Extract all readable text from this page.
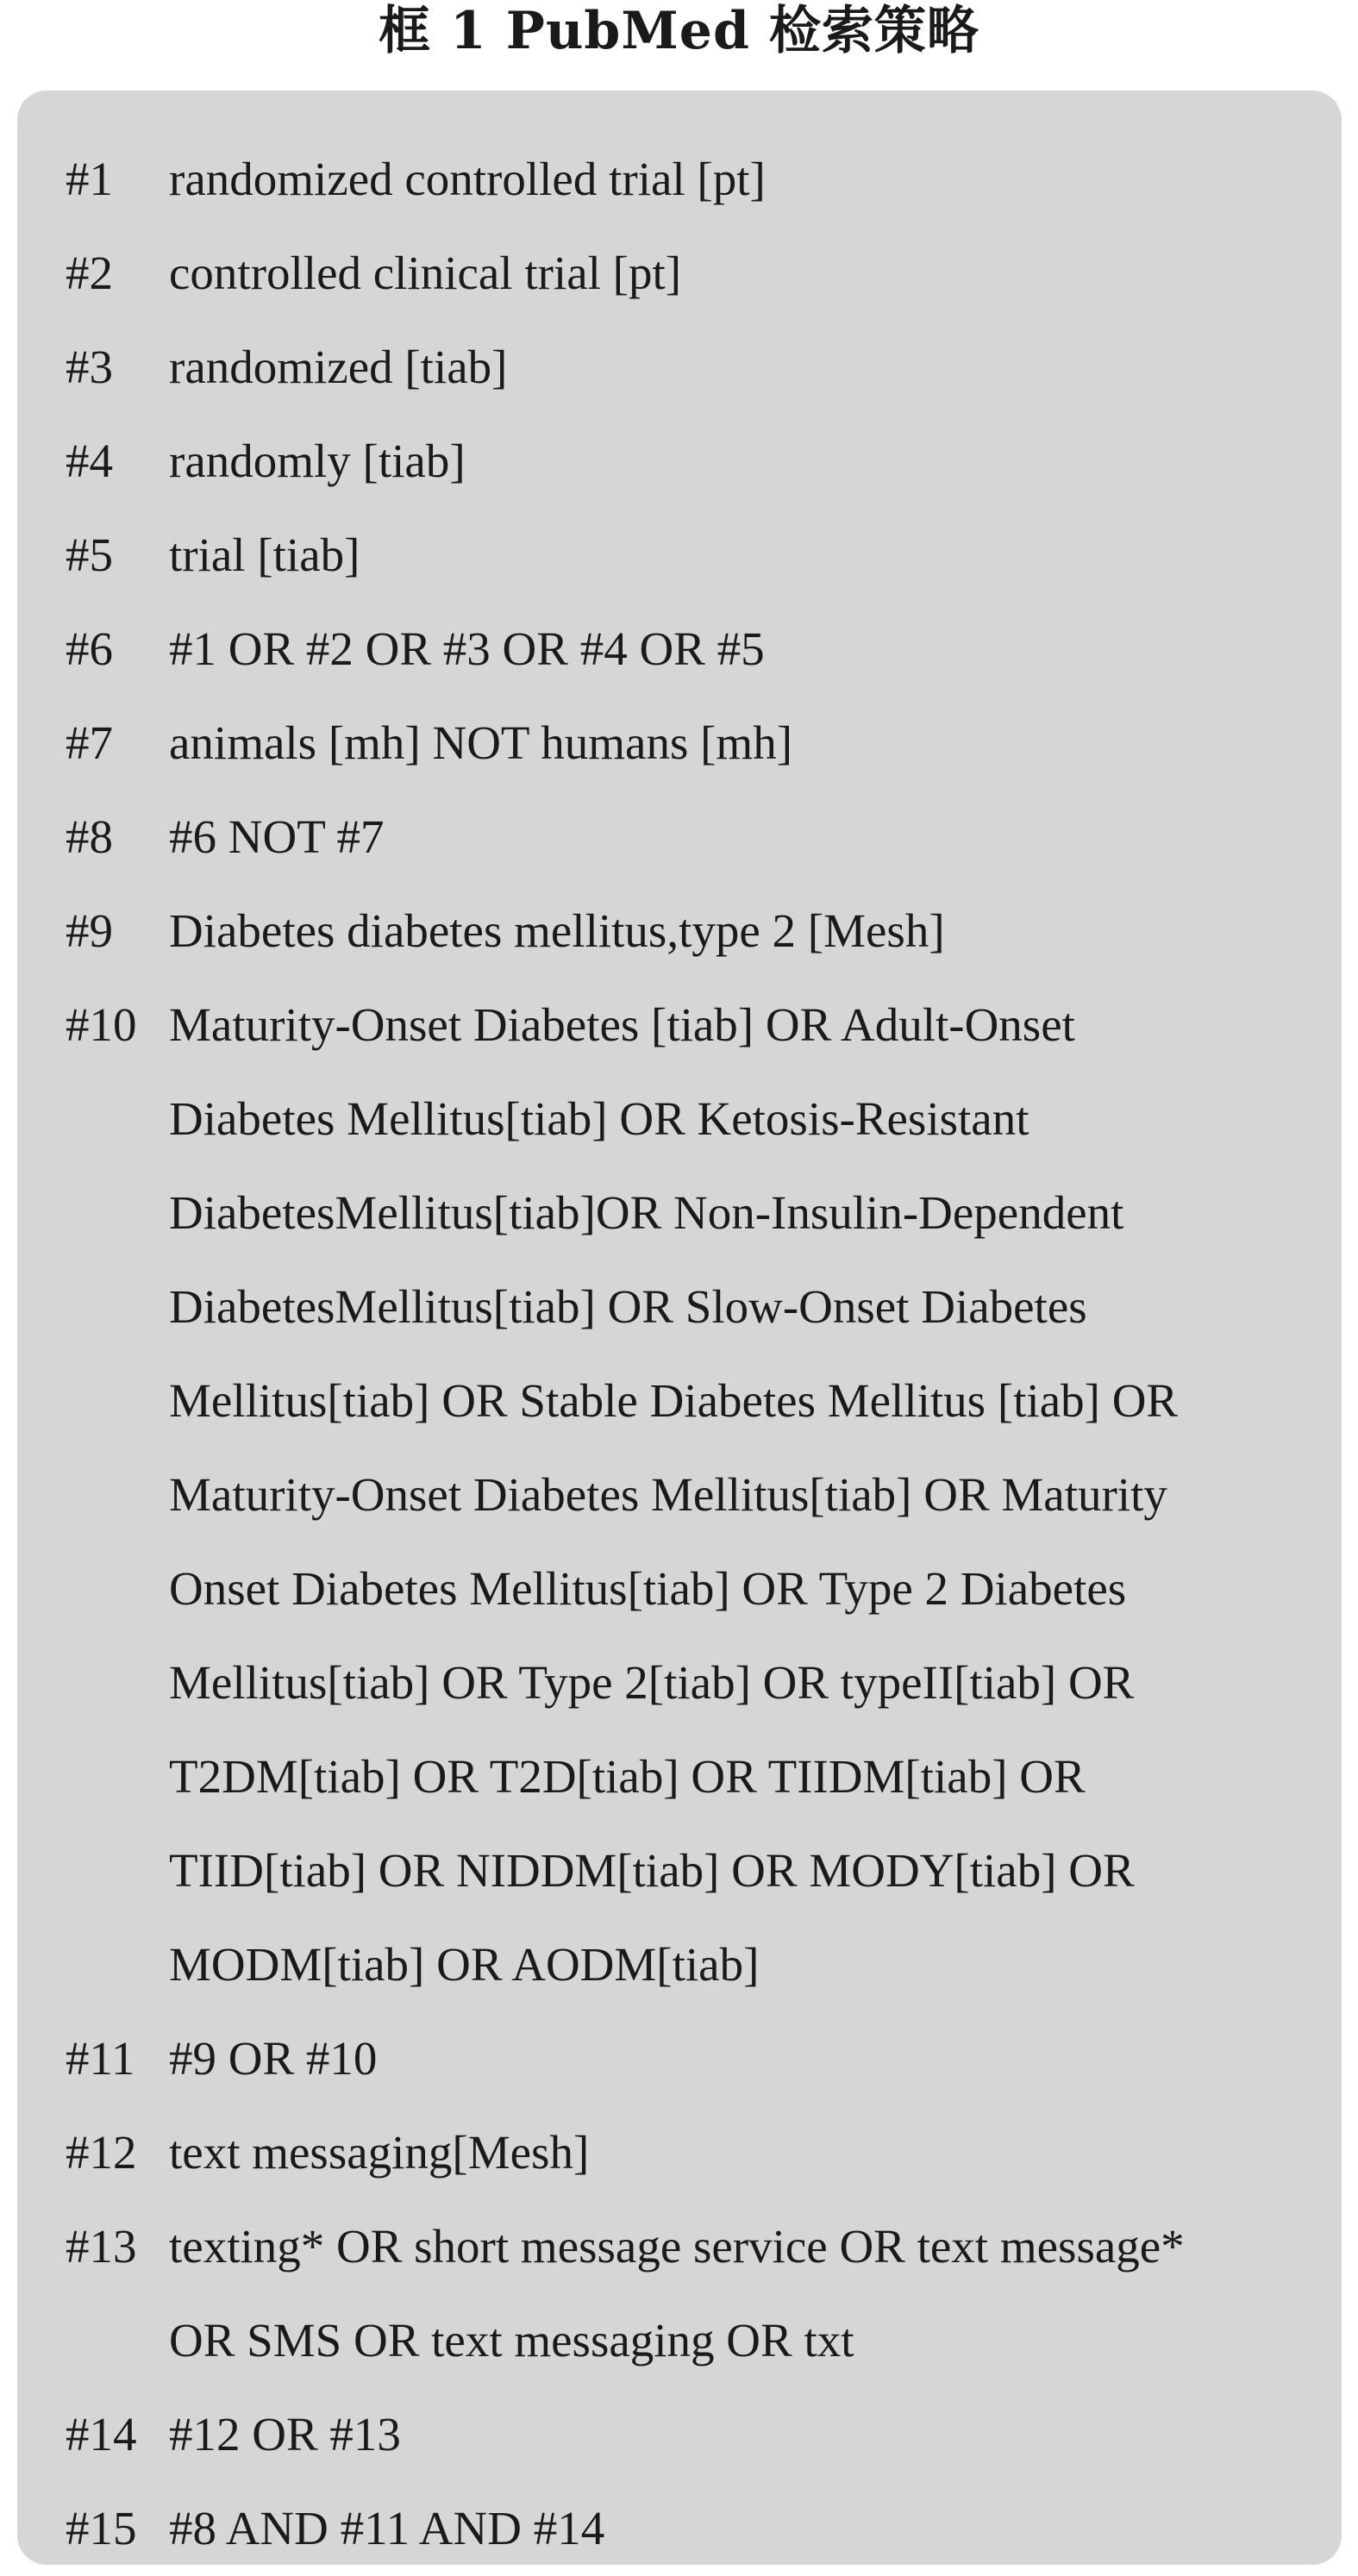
框 1 PubMed 检索策略
#1	randomized controlled trial [pt]
#2	controlled clinical trial [pt]
#3	randomized [tiab]
#4	randomly [tiab]
#5	trial [tiab]
#6	#1 OR #2 OR #3 OR #4 OR #5
#7	animals [mh] NOT humans [mh]
#8	#6 NOT #7
#9	Diabetes diabetes mellitus,type 2 [Mesh]
#10 Maturity-Onset Diabetes [tiab] OR Adult-Onset
Diabetes Mellitus[tiab] OR Ketosis-Resistant
DiabetesMellitus[tiab]OR Non-Insulin-Dependent
DiabetesMellitus[tiab] OR Slow-Onset Diabetes
Mellitus[tiab] OR Stable Diabetes Mellitus [tiab] OR
Maturity-Onset Diabetes Mellitus[tiab] OR Maturity
Onset Diabetes Mellitus[tiab] OR Type 2 Diabetes
Mellitus[tiab] OR Type 2[tiab] OR typeII[tiab] OR
T2DM[tiab] OR T2D[tiab] OR TIIDM[tiab] OR
TIID[tiab] OR NIDDM[tiab] OR MODY[tiab] OR
MODM[tiab] OR AODM[tiab]
#11 #9 OR #10
#12 text messaging[Mesh]
#13 texting* OR short message service OR text message*
OR SMS OR text messaging OR txt
#14 #12 OR #13
#15 #8 AND #11 AND #14
